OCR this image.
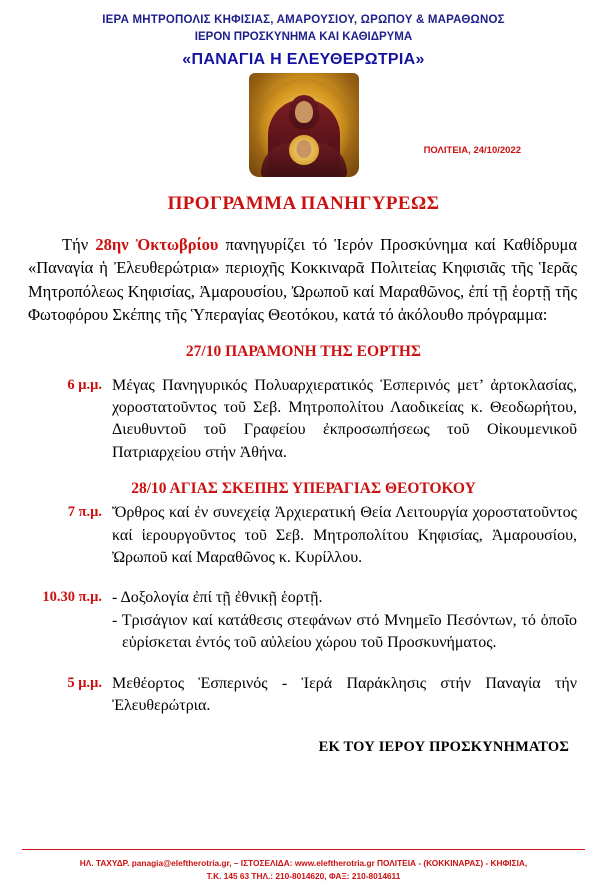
ΙΕΡΑ ΜΗΤΡΟΠΟΛΙΣ ΚΗΦΙΣΙΑΣ, ΑΜΑΡΟΥΣΙΟΥ, ΩΡΩΠΟΥ & ΜΑΡΑΘΩΝΟΣ
ΙΕΡΟΝ ΠΡΟΣΚΥΝΗΜΑ ΚΑΙ ΚΑΘΙΔΡΥΜΑ
«ΠΑΝΑΓΙΑ Η ΕΛΕΥΘΕΡΩΤΡΙΑ»
ΠΟΛΙΤΕΙΑ, 24/10/2022
ΠΡΟΓΡΑΜΜΑ ΠΑΝΗΓΥΡΕΩΣ
Τήν 28ην Ὀκτωβρίου πανηγυρίζει τό Ἱερόν Προσκύνημα καί Καθίδρυμα «Παναγία ἡ Ἐλευθερώτρια» περιοχῆς Κοκκιναρᾶ Πολιτείας Κηφισιᾶς τῆς Ἱερᾶς Μητροπόλεως Κηφισίας, Ἀμαρουσίου, Ὠρωποῦ καί Μαραθῶνος, ἐπί τῇ ἑορτῇ τῆς Φωτοφόρου Σκέπης τῆς Ὑπεραγίας Θεοτόκου, κατά τό ἀκόλουθο πρόγραμμα:
27/10 ΠΑΡΑΜΟΝΗ ΤΗΣ ΕΟΡΤΗΣ
6 μ.μ. Μέγας Πανηγυρικός Πολυαρχιερατικός Ἑσπερινός μετ’ ἀρτοκλασίας, χοροστατοῦντος τοῦ Σεβ. Μητροπολίτου Λαοδικείας κ. Θεοδωρήτου, Διευθυντοῦ τοῦ Γραφείου ἐκπροσωπήσεως τοῦ Οἰκουμενικοῦ Πατριαρχείου στήν Ἀθήνα.
28/10 ΑΓΙΑΣ ΣΚΕΠΗΣ ΥΠΕΡΑΓΙΑΣ ΘΕΟΤΟΚΟΥ
7 π.μ. Ὄρθρος καί ἐν συνεχείᾳ Ἀρχιερατική Θεία Λειτουργία χοροστατοῦντος καί ἱερουργοῦντος τοῦ Σεβ. Μητροπολίτου Κηφισίας, Ἀμαρουσίου, Ὠρωποῦ καί Μαραθῶνος κ. Κυρίλλου.
10.30 π.μ. - Δοξολογία ἐπί τῇ ἐθνικῇ ἑορτῇ.
- Τρισάγιον καί κατάθεσις στεφάνων στό Μνημεῖο Πεσόντων, τό ὁποῖο εὑρίσκεται ἐντός τοῦ αὐλείου χώρου τοῦ Προσκυνήματος.
5 μ.μ. Μεθέορτος Ἑσπερινός - Ἱερά Παράκλησις στήν Παναγία τήν Ἐλευθερώτρια.
ΕΚ ΤΟΥ ΙΕΡΟΥ ΠΡΟΣΚΥΝΗΜΑΤΟΣ
ΗΛ. ΤΑΧΥΔΡ. panagia@eleftherotria.gr, – ΙΣΤΟΣΕΛΙΔΑ: www.eleftherotria.gr ΠΟΛΙΤΕΙΑ - (ΚΟΚΚΙΝΑΡΑΣ) - ΚΗΦΙΣΙΑ,
Τ.Κ. 145 63 ΤΗΛ.: 210-8014620, ΦΑΞ: 210-8014611
